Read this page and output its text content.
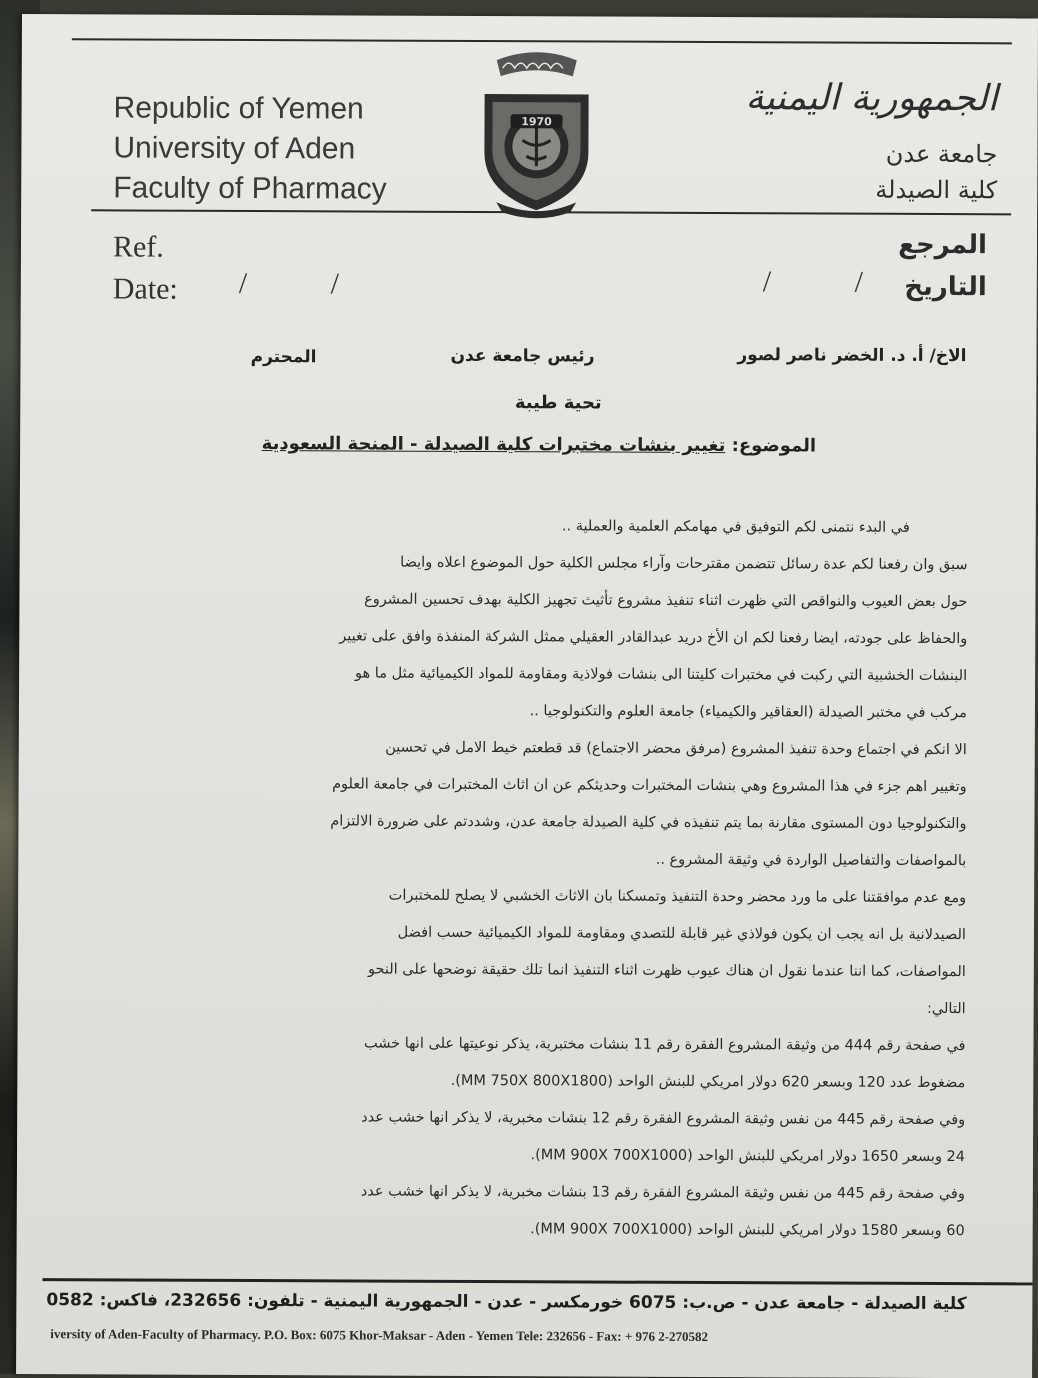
Republic of Yemen
University of Aden
Faculty of Pharmacy
1970
الجمهورية اليمنية
جامعة عدن
كلية الصيدلة
Ref.
Date: / /
المرجع
التاريخ
/ /
الاخ/ أ. د. الخضر ناصر لصور
رئيس جامعة عدن
المحترم
تحية طيبة
الموضوع: تغيير بنشات مختبرات كلية الصيدلة - المنحة السعودية

في البدء نتمنى لكم التوفيق في مهامكم العلمية والعملية ..

سبق وان رفعنا لكم عدة رسائل تتضمن مقترحات وآراء مجلس الكلية حول الموضوع اعلاه وايضا
حول بعض العيوب والنواقص التي ظهرت اثناء تنفيذ مشروع تأثيث تجهيز الكلية بهدف تحسين المشروع
والحفاظ على جودته، ايضا رفعنا لكم ان الأخ دريد عبدالقادر العقيلي ممثل الشركة المنفذة وافق على تغيير
البنشات الخشبية التي ركبت في مختبرات كليتنا الى بنشات فولاذية ومقاومة للمواد الكيميائية مثل ما هو
مركب في مختبر الصيدلة (العقاقير والكيمياء) جامعة العلوم والتكنولوجيا ..

الا انكم في اجتماع وحدة تنفيذ المشروع (مرفق محضر الاجتماع) قد قطعتم خيط الامل في تحسين
وتغيير اهم جزء في هذا المشروع وهي بنشات المختبرات وحديثكم عن ان اثاث المختبرات في جامعة العلوم
والتكنولوجيا دون المستوى مقارنة بما يتم تنفيذه في كلية الصيدلة جامعة عدن، وشددتم على ضرورة الالتزام
بالمواصفات والتفاصيل الواردة في وثيقة المشروع ..

ومع عدم موافقتنا على ما ورد محضر وحدة التنفيذ وتمسكنا بان الاثاث الخشبي لا يصلح للمختبرات
الصيدلانية بل انه يجب ان يكون فولاذي غير قابلة للتصدي ومقاومة للمواد الكيميائية حسب افضل
المواصفات، كما اننا عندما نقول ان هناك عيوب ظهرت اثناء التنفيذ انما تلك حقيقة نوضحها على النحو
التالي:

في صفحة رقم 444 من وثيقة المشروع الفقرة رقم 11 بنشات مختبرية، يذكر نوعيتها على انها خشب
مضغوط عدد 120 وبسعر 620 دولار امريكي للبنش الواحد (MM 750X 800X1800).

وفي صفحة رقم 445 من نفس وثيقة المشروع الفقرة رقم 12 بنشات مخبرية، لا يذكر انها خشب عدد
24 وبسعر 1650 دولار امريكي للبنش الواحد (MM 900X 700X1000).

وفي صفحة رقم 445 من نفس وثيقة المشروع الفقرة رقم 13 بنشات مخبرية، لا يذكر انها خشب عدد
60 وبسعر 1580 دولار امريكي للبنش الواحد (MM 900X 700X1000).

كلية الصيدلة - جامعة عدن - ص.ب: 6075 خورمكسر - عدن - الجمهورية اليمنية - تلفون: 232656، فاكس: 0582
iversity of Aden-Faculty of Pharmacy. P.O. Box: 6075 Khor-Maksar - Aden - Yemen Tele: 232656 - Fax: + 976 2-270582
